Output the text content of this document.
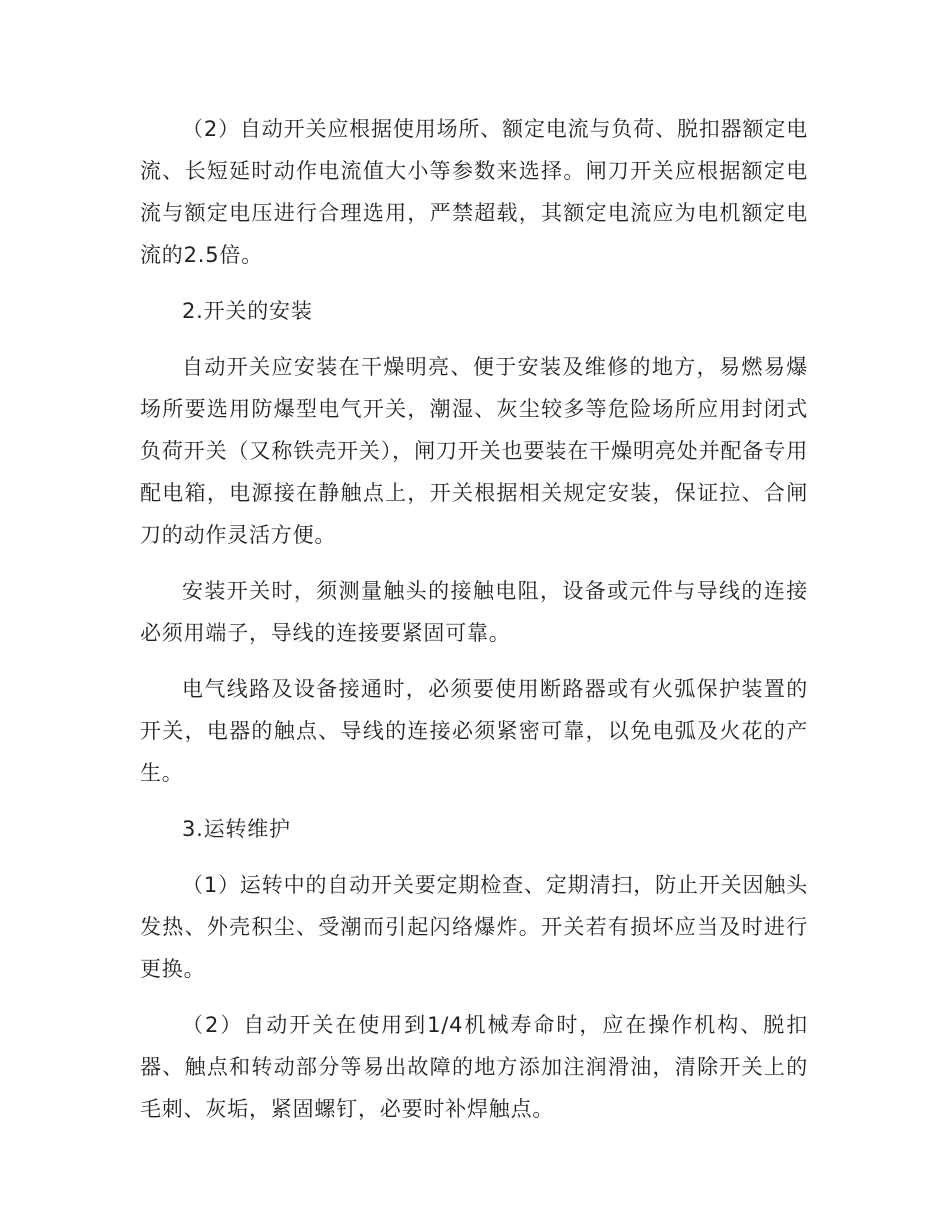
（2）自动开关应根据使用场所、额定电流与负荷、脱扣器额定电流、长短延时动作电流值大小等参数来选择。闸刀开关应根据额定电流与额定电压进行合理选用，严禁超载，其额定电流应为电机额定电流的2.5倍。

2.开关的安装

自动开关应安装在干燥明亮、便于安装及维修的地方，易燃易爆场所要选用防爆型电气开关，潮湿、灰尘较多等危险场所应用封闭式负荷开关（又称铁壳开关），闸刀开关也要装在干燥明亮处并配备专用配电箱，电源接在静触点上，开关根据相关规定安装，保证拉、合闸刀的动作灵活方便。

安装开关时，须测量触头的接触电阻，设备或元件与导线的连接必须用端子，导线的连接要紧固可靠。

电气线路及设备接通时，必须要使用断路器或有火弧保护装置的开关，电器的触点、导线的连接必须紧密可靠，以免电弧及火花的产生。

3.运转维护

（1）运转中的自动开关要定期检查、定期清扫，防止开关因触头发热、外壳积尘、受潮而引起闪络爆炸。开关若有损坏应当及时进行更换。

（2）自动开关在使用到1/4机械寿命时，应在操作机构、脱扣器、触点和转动部分等易出故障的地方添加注润滑油，清除开关上的毛刺、灰垢，紧固螺钉，必要时补焊触点。
